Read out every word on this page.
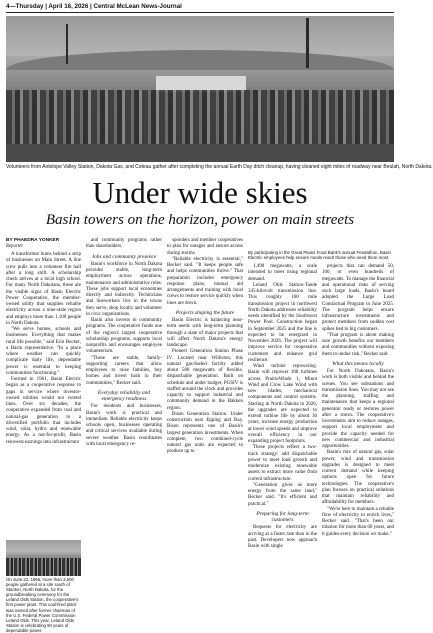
4—Thursday | April 16, 2026 | Central McLean News-Journal
Volunteers from Antelope Valley Station, Dakota Gas, and Coteau gather after completing the annual Earth Day ditch cleanup, having cleaned eight miles of roadway near Beulah, North Dakota.
Under wide skies
Basin towers on the horizon, power on main streets
BY PHAEDRA YONKER
Reporter

A transformer hums behind a strip of businesses on Main Street. A line crew pulls into a volunteer fire hall after a long shift. A scholarship check arrives at a local high school. For many North Dakotans, these are the visible signs of Basin Electric Power Cooperative, the member-owned utility that supplies reliable electricity across a nine-state region and employs more than 1,100 people in North Dakota.

"We serve homes, schools and businesses. Everything that makes rural life possible," said Erin Becker, a Basin representative. "In a place where weather can quickly complicate daily life, dependable power is essential to keeping communities functioning."

Formed in 1961, Basin Electric began as a cooperative response to gaps in service where investor-owned utilities would not extend lines. Over six decades, the cooperative expanded from coal and natural-gas generation to a diversified portfolio that includes wind, solar, hydro and renewable energy. As a not-for-profit, Basin reinvests earnings into infrastructure

and community programs rather than shareholders.

Jobs and community presence

Basin's workforce in North Dakota provides stable, long-term employment across operations, maintenance and administrative roles. These jobs support local economies directly and indirectly. Technicians and lineworkers live in the towns they serve, shop locally and volunteer in civic organizations.

Basin also invests in community programs. The cooperative funds one of the region's largest cooperative scholarship programs, supports local nonprofits and encourages employee volunteerism.

"These are stable, family-supporting careers that allow employees to raise families, buy homes and invest back in their communities," Becker said.

Everyday reliability and emergency readiness

For residents and businesses, Basin's work is practical and immediate. Reliable electricity keeps schools open, businesses operating and critical services available during severe weather. Basin coordinates with local emergency re-

sponders and member cooperatives to plan for outages and ensure access during storms.

"Reliable electricity is essential," Becker said. "It keeps people safe and helps communities thrive." That preparation includes emergency response plans, mutual aid arrangements and training with local crews to restore service quickly when lines are down.

Projects shaping the future

Basin Electric is balancing near-term needs with long-term planning through a slate of major projects that will affect North Dakota's energy landscape.

Pioneer Generation Station Phase IV. Located near Williston, this natural gas-fueled facility added about 580 megawatts of flexible, dispatchable generation. Built on schedule and under budget, PGSIV is staffed around the clock and provides capacity to support industrial and community demand in the Bakken region.

Bison Generation Station. Under construction near Epping and Ray, Bison represents one of Basin's largest generation investments. When complete, two combined-cycle natural gas units are expected to produce up to

1,490 megawatts, a scale intended to meet rising regional demand.

Leland Olds Station-Tande 345-kilovolt transmission line. This roughly 160 mile transmission project in northwest North Dakota addresses reliability needs identified by the Southwest Power Pool. Construction began in September 2025 and the line is expected to be energized in November 2026. The project will improve service for cooperative customers and enhance grid resilience.

Wind turbine repowering. Basin will repower 108 turbines across PrairieWinds 1, Minot Wind and Crow Lake Wind with new blades, mechanical components and control systems. Starting in North Dakota in 2026, the upgrades are expected to extend turbine life by about 30 years, increase energy production at lower wind speeds and improve overall efficiency in our expanding project footprints.

These projects reflect a two-track strategy: add dispatchable power to meet load growth and modernize existing renewable assets to extract more value from current infrastructure.

"Generation gives us more energy from the same land," Becker said. "It's efficient and practical."

Preparing for long-term customers

Requests for electricity are arriving at a faster rate than in the past. Developers now approach Basin with single

projects that can demand 50, 100, or even hundreds of megawatts. To manage the financial and operational risks of serving such large loads, Basin's board adopted the Large Load Contractual Program in June 2025. The program helps ensure infrastructure investments and protect members from sudden cost spikes tied to big customers.

"That program is about making sure growth benefits our members and communities without exposing them to undue risk," Becker said.

What this means locally

For North Dakotans, Basin's work is both visible and behind the scenes. You see substations and transmission lines. You may not see the planning, staffing and maintenance that keeps a regional generator ready or restores power after a storm. The cooperative's investments aim to reduce outages, support local employment and provide the capacity needed for new commercial and industrial opportunities.

Basin's mix of natural gas, solar power, wind and transmission upgrades is designed to meet current demand while keeping options open for future technologies. The cooperative's plan focuses on practical solutions that maintain reliability and affordability for members.

"We're here to maintain a reliable flow of electricity to enrich lives," Becker said. "That's been our mission for more than 60 years, and it guides every decision we make."

By participating in the Great Plains Food Bank's annual Feedathon, Basin Electric employees help ensure meals reach those who need them most.
On June 22, 1965, more than 3,500 people gathered at a site south of Stanton, North Dakota, for the groundbreaking ceremony for the Leland Olds Station, the cooperative's first power plant. This coal-fired plant was named after former chairman of the U.S. Federal Power Commission Leland Olds. This year, Leland Olds Station is celebrating 60 years of dependable power.
